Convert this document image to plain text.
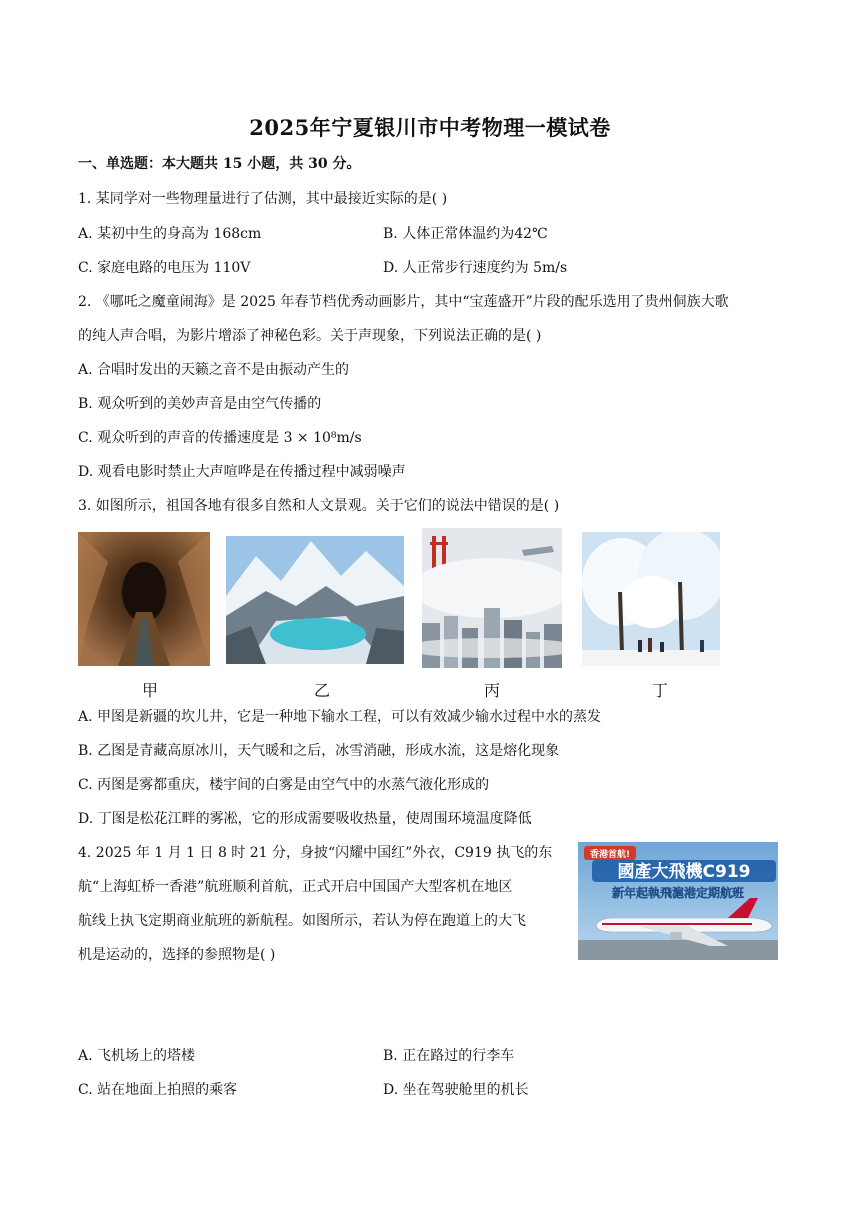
2025年宁夏银川市中考物理一模试卷
一、单选题：本大题共 15 小题，共 30 分。
1. 某同学对一些物理量进行了估测，其中最接近实际的是( )
A. 某初中生的身高为 168cm	B. 人体正常体温约为42℃
C. 家庭电路的电压为 110V	D. 人正常步行速度约为 5m/s
2. 《哪吒之魔童闹海》是 2025 年春节档优秀动画影片，其中“宝莲盛开”片段的配乐选用了贵州侗族大歌
的纯人声合唱，为影片增添了神秘色彩。关于声现象，下列说法正确的是( )
A. 合唱时发出的天籁之音不是由振动产生的
B. 观众听到的美妙声音是由空气传播的
C. 观众听到的声音的传播速度是 3 × 10⁸m/s
D. 观看电影时禁止大声喧哗是在传播过程中减弱噪声
3. 如图所示，祖国各地有很多自然和人文景观。关于它们的说法中错误的是( )
甲	乙	丙	丁
A. 甲图是新疆的坎儿井，它是一种地下输水工程，可以有效减少输水过程中水的蒸发
B. 乙图是青藏高原冰川，天气暖和之后，冰雪消融，形成水流，这是熔化现象
C. 丙图是雾都重庆，楼宇间的白雾是由空气中的水蒸气液化形成的
D. 丁图是松花江畔的雾凇，它的形成需要吸收热量，使周围环境温度降低
4. 2025 年 1 月 1 日 8 时 21 分，身披“闪耀中国红”外衣，C919 执飞的东
航“上海虹桥一香港”航班顺利首航，正式开启中国国产大型客机在地区
航线上执飞定期商业航班的新航程。如图所示，若认为停在跑道上的大飞
机是运动的，选择的参照物是( )
香港首航!
國產大飛機C919
新年起執飛滬港定期航班
A. 飞机场上的塔楼	B. 正在路过的行李车
C. 站在地面上拍照的乘客	D. 坐在驾驶舱里的机长
